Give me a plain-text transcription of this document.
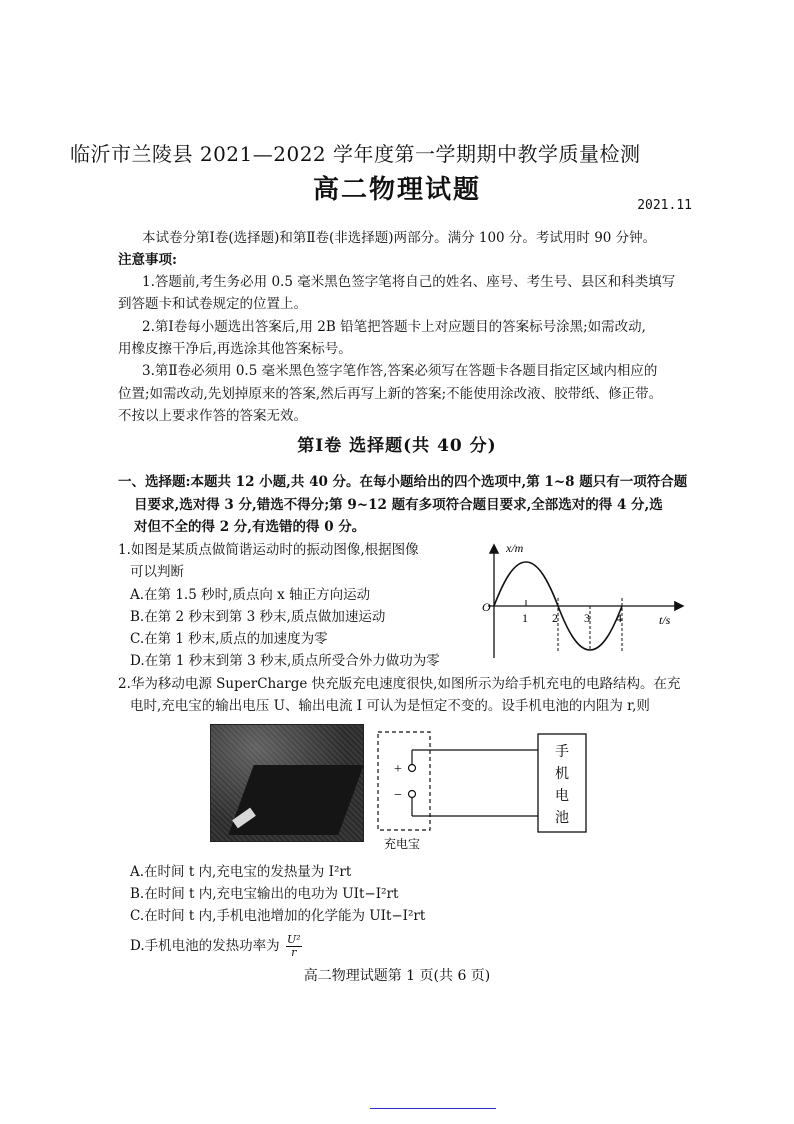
临沂市兰陵县 2021—2022 学年度第一学期期中教学质量检测
高二物理试题
2021.11
本试卷分第Ⅰ卷(选择题)和第Ⅱ卷(非选择题)两部分。满分 100 分。考试用时 90 分钟。
注意事项:
1.答题前,考生务必用 0.5 毫米黑色签字笔将自己的姓名、座号、考生号、县区和科类填写
到答题卡和试卷规定的位置上。
2.第Ⅰ卷每小题选出答案后,用 2B 铅笔把答题卡上对应题目的答案标号涂黑;如需改动,
用橡皮擦干净后,再选涂其他答案标号。
3.第Ⅱ卷必须用 0.5 毫米黑色签字笔作答,答案必须写在答题卡各题目指定区域内相应的
位置;如需改动,先划掉原来的答案,然后再写上新的答案;不能使用涂改液、胶带纸、修正带。
不按以上要求作答的答案无效。
第Ⅰ卷 选择题(共 40 分)
一、选择题:本题共 12 小题,共 40 分。在每小题给出的四个选项中,第 1~8 题只有一项符合题
目要求,选对得 3 分,错选不得分;第 9~12 题有多项符合题目要求,全部选对的得 4 分,选
对但不全的得 2 分,有选错的得 0 分。
1.如图是某质点做简谐运动时的振动图像,根据图像
可以判断
A.在第 1.5 秒时,质点向 x 轴正方向运动
B.在第 2 秒末到第 3 秒末,质点做加速运动
C.在第 1 秒末,质点的加速度为零
D.在第 1 秒末到第 3 秒末,质点所受合外力做功为零
x/m
O
t/s
1 2 3 4
2.华为移动电源 SuperCharge 快充版充电速度很快,如图所示为给手机充电的电路结构。在充
电时,充电宝的输出电压 U、输出电流 I 可认为是恒定不变的。设手机电池的内阻为 r,则
+
−
手
机
电
池
充电宝
A.在时间 t 内,充电宝的发热量为 I²rt
B.在时间 t 内,充电宝输出的电功为 UIt−I²rt
C.在时间 t 内,手机电池增加的化学能为 UIt−I²rt
D.手机电池的发热功率为 $\frac{\text{U²}}{r}$
高二物理试题第 1 页(共 6 页)
